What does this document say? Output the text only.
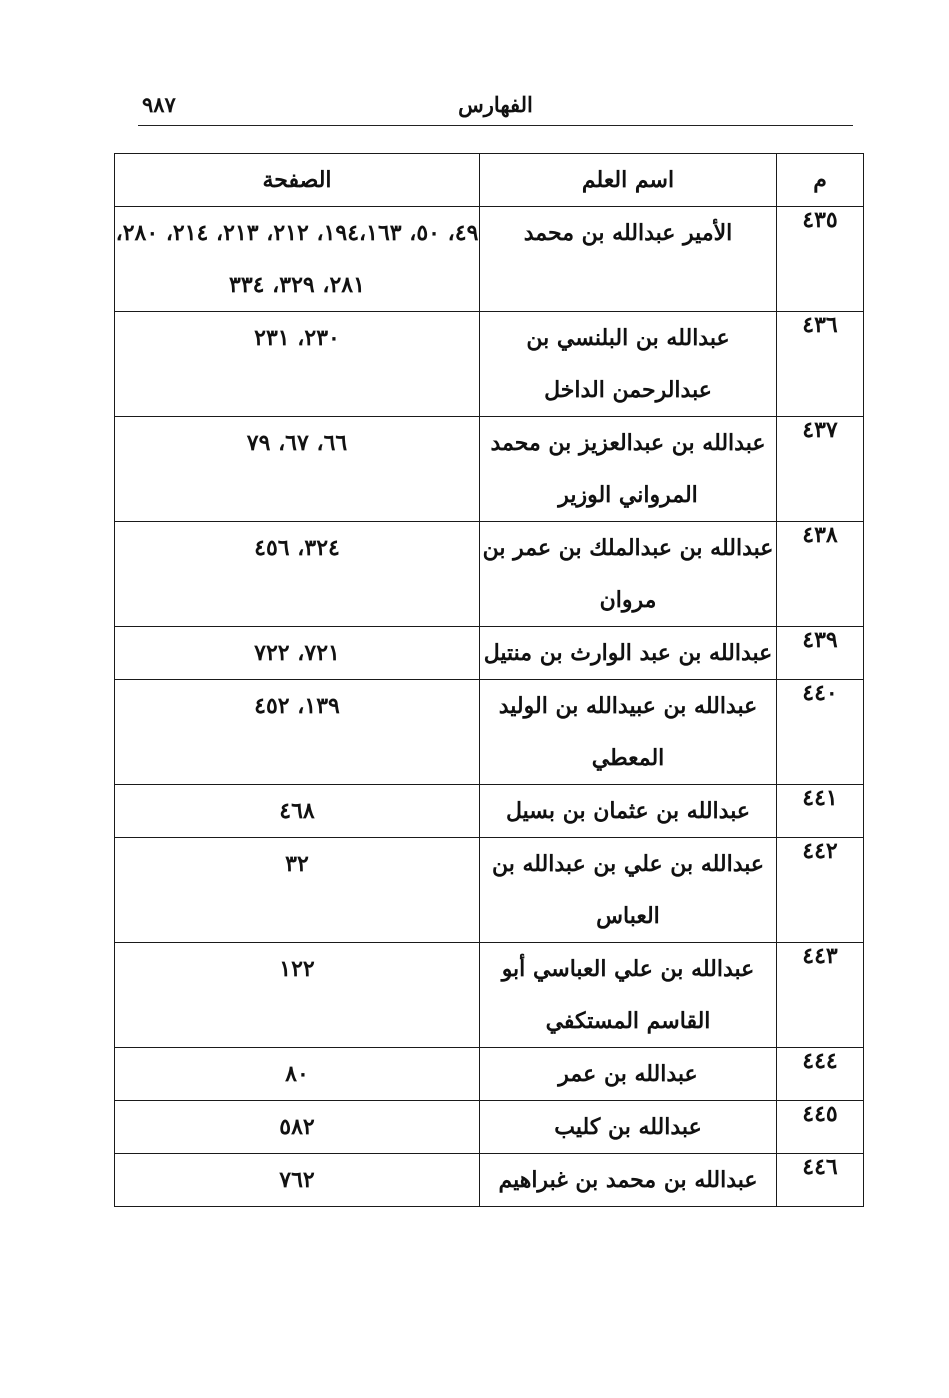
الفهارس
٩٨٧
م	اسم العلم	الصفحة
٤٣٥	الأمير عبدالله بن محمد	٤٩، ٥٠، ١٩٤،١٦٣، ٢١٢، ٢١٣، ٢١٤، ٢٨٠، ٢٨١، ٣٢٩، ٣٣٤
٤٣٦	عبدالله بن البلنسي بن عبدالرحمن الداخل	٢٣٠، ٢٣١
٤٣٧	عبدالله بن عبدالعزيز بن محمد المرواني الوزير	٦٦، ٦٧، ٧٩
٤٣٨	عبدالله بن عبدالملك بن عمر بن مروان	٣٢٤، ٤٥٦
٤٣٩	عبدالله بن عبد الوارث بن منتيل	٧٢١، ٧٢٢
٤٤٠	عبدالله بن عبيدالله بن الوليد المعطي	١٣٩، ٤٥٢
٤٤١	عبدالله بن عثمان بن بسيل	٤٦٨
٤٤٢	عبدالله بن علي بن عبدالله بن العباس	٣٢
٤٤٣	عبدالله بن علي العباسي أبو القاسم المستكفي	١٢٢
٤٤٤	عبدالله بن عمر	٨٠
٤٤٥	عبدالله بن كليب	٥٨٢
٤٤٦	عبدالله بن محمد بن غبراهيم	٧٦٢
